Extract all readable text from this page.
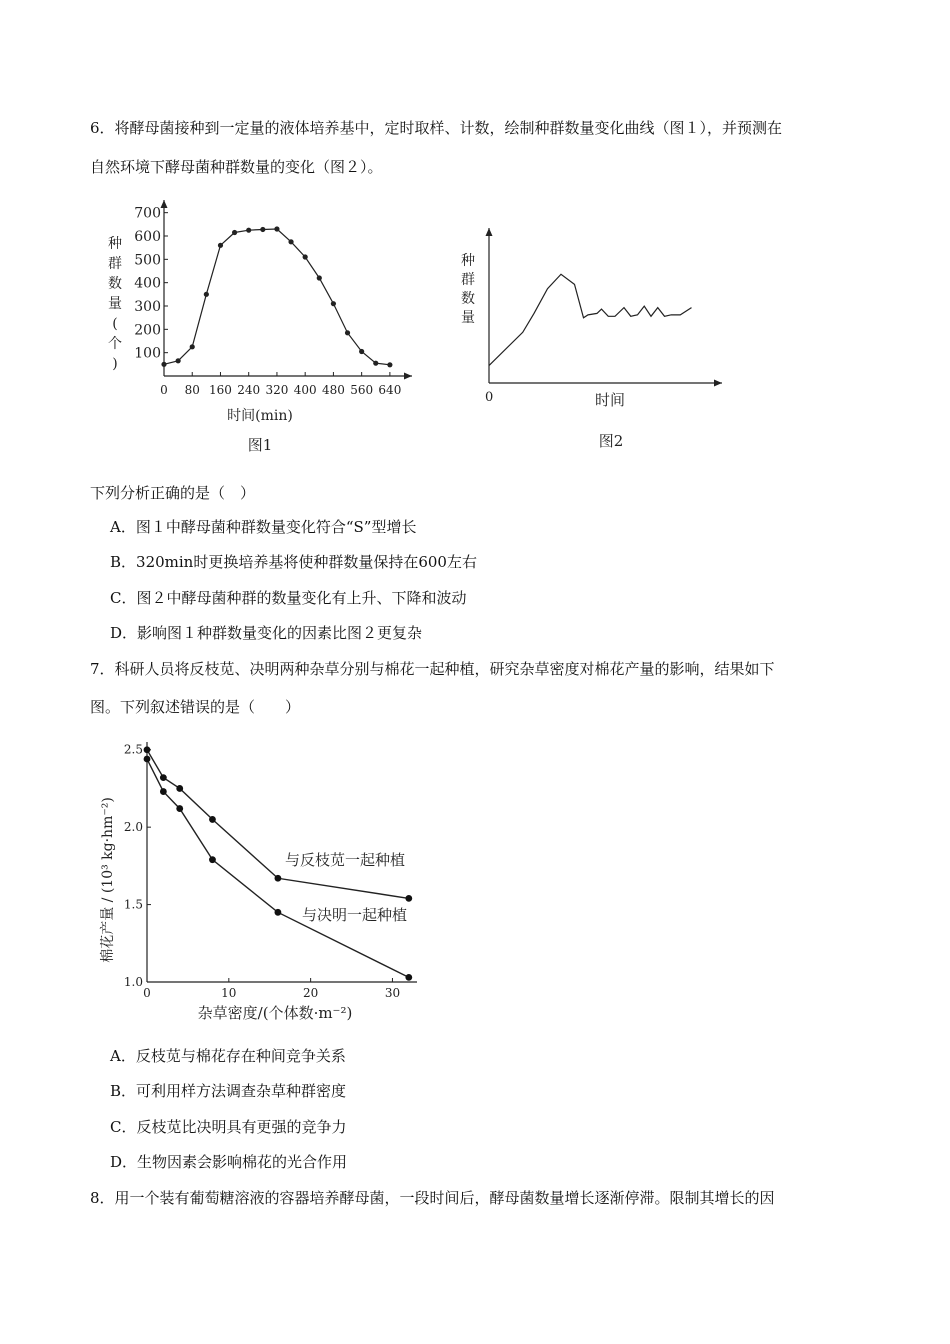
6．将酵母菌接种到一定量的液体培养基中，定时取样、计数，绘制种群数量变化曲线（图１），并预测在
自然环境下酵母菌种群数量的变化（图２）。
0 80 160 240 320 400 480 560 640
100
200
300
400
500
600
700
种群数量(个)
时间(min)
图1
种群数量
0	时间
图2
下列分析正确的是（　）
A．图１中酵母菌种群数量变化符合“S”型增长
B．320min时更换培养基将使种群数量保持在600左右
C．图２中酵母菌种群的数量变化有上升、下降和波动
D．影响图１种群数量变化的因素比图２更复杂
7．科研人员将反枝苋、决明两种杂草分别与棉花一起种植，研究杂草密度对棉花产量的影响，结果如下
图。下列叙述错误的是（　　）
0	10	20	30
1.0
1.5
2.0
2.5
与反枝苋一起种植
与决明一起种植
棉花产量 / (10³ kg·hm⁻²)
杂草密度/(个体数·m⁻²)
A．反枝苋与棉花存在种间竞争关系
B．可利用样方法调查杂草种群密度
C．反枝苋比决明具有更强的竞争力
D．生物因素会影响棉花的光合作用
8．用一个装有葡萄糖溶液的容器培养酵母菌，一段时间后，酵母菌数量增长逐渐停滞。限制其增长的因
